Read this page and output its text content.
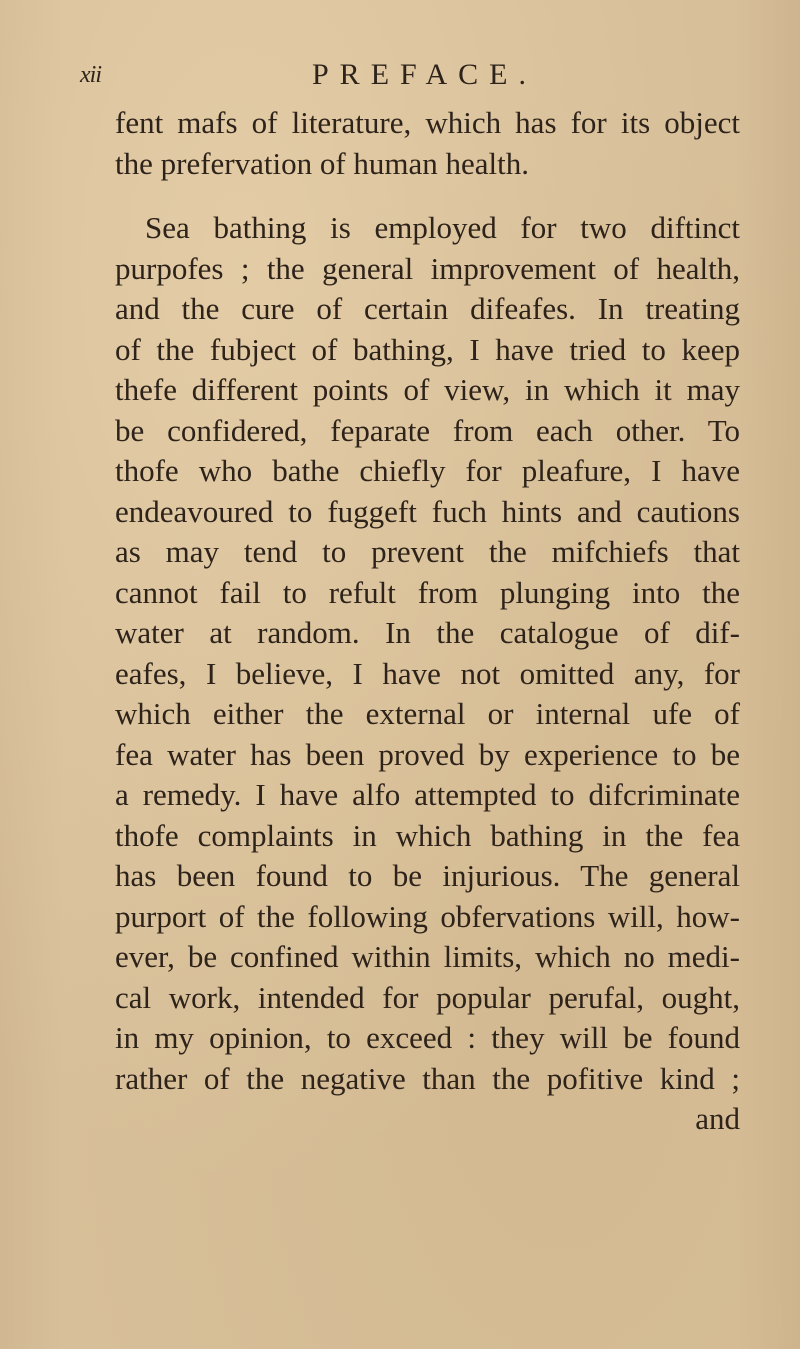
xii	PREFACE.
fent mafs of literature, which has for its object
the prefervation of human health.
Sea bathing is employed for two diftinct
purpofes ; the general improvement of health,
and the cure of certain difeafes. In treating
of the fubject of bathing, I have tried to keep
thefe different points of view, in which it may
be confidered, feparate from each other. To
thofe who bathe chiefly for pleafure, I have
endeavoured to fuggeft fuch hints and cautions
as may tend to prevent the mifchiefs that
cannot fail to refult from plunging into the
water at random. In the catalogue of dif-
eafes, I believe, I have not omitted any, for
which either the external or internal ufe of
fea water has been proved by experience to be
a remedy. I have alfo attempted to difcriminate
thofe complaints in which bathing in the fea
has been found to be injurious. The general
purport of the following obfervations will, how-
ever, be confined within limits, which no medi-
cal work, intended for popular perufal, ought,
in my opinion, to exceed : they will be found
rather of the negative than the pofitive kind ;
and
